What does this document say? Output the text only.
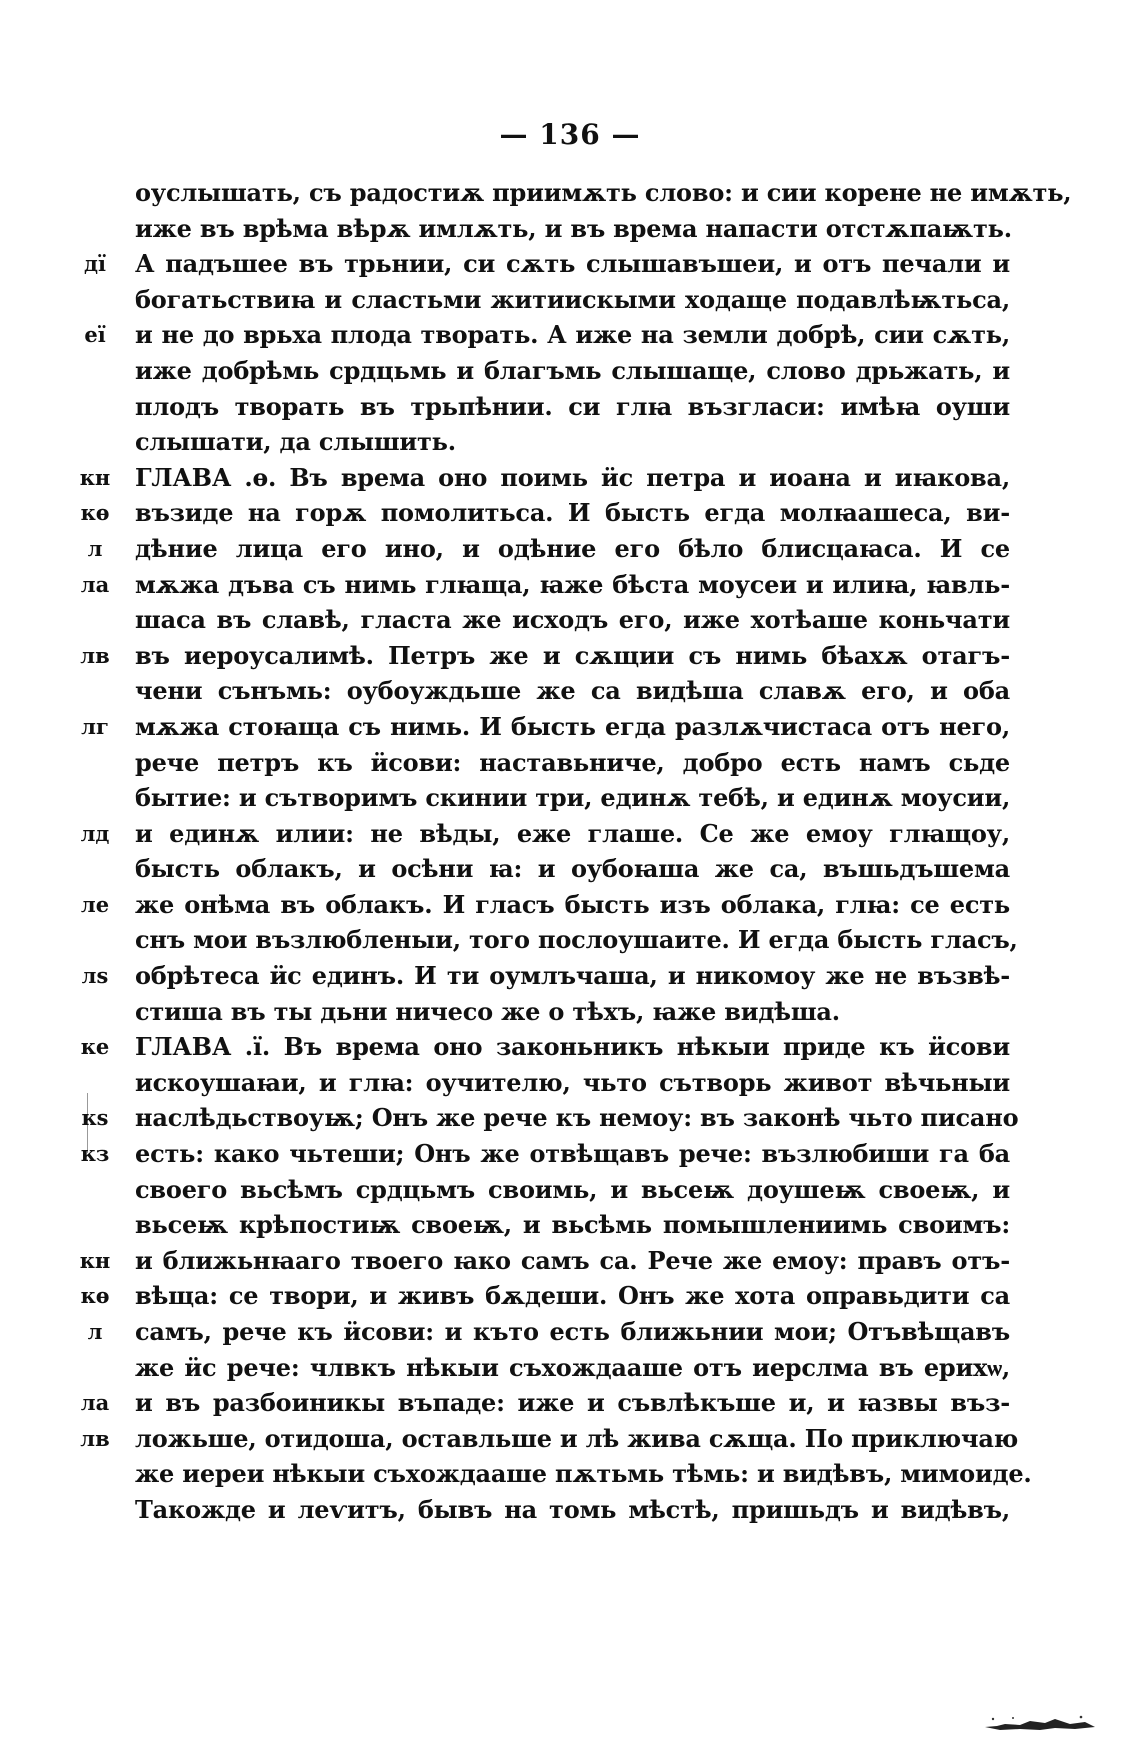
— 136 —
оуслышать, съ радостиѫ приимѫть слово: и сии корене не имѫть,
иже въ врѣма вѣрѫ имлѫть, и въ врема напасти отстѫпаѭть.
дї	А падъшее въ трьнии, си сѫть слышавъшеи, и отъ печали и
богатьствиꙗ и сластьми житиискыми ходаще подавлѣѭтьса,
еї	и не до врьха плода творать. А иже на земли добрѣ, сии сѫть,
иже добрѣмь срдцьмь и благъмь слышаще, слово дрьжать, и
плодъ творать въ трьпѣнии. си глꙗ възгласи: имѣꙗ оуши
слышати, да слышить.
кн	ГЛАВА .ѳ. Въ врема оно поимь ӥс петра и иоана и иꙗкова,
кѳ	възиде на горѫ помолитьса. И бысть егда молꙗашеса, ви-
л	дѣние лица его ино, и одѣние его бѣло блисцаꙗса. И се
ла	мѫжа дъва съ нимь глꙗща, ꙗже бѣста моусеи и илиꙗ, ꙗвль-
шаса въ славѣ, гласта же исходъ его, иже хотѣаше коньчати
лв	въ иероусалимѣ. Петръ же и сѫщии съ нимь бѣахѫ отагъ-
чени сънъмь: оубоуждьше же са видѣша славѫ его, и оба
лг	мѫжа стоꙗща съ нимь. И бысть егда разлѫчистаса отъ него,
рече петръ къ ӥсови: наставьниче, добро есть намъ сьде
бытие: и сътворимъ скинии три, единѫ тебѣ, и единѫ моусии,
лд	и единѫ илии: не вѣды, еже глаше. Се же емоу глꙗщоу,
бысть облакъ, и осѣни ꙗ: и оубоꙗша же са, въшьдъшема
ле	же онѣма въ облакъ. И гласъ бысть изъ облака, глꙗ: се есть
снъ мои възлюбленыи, того послоушаите. И егда бысть гласъ,
лѕ	обрѣтеса ӥс единъ. И ти оумлъчаша, и никомоу же не възвѣ-
стиша въ ты дьни ничесо же о тѣхъ, ꙗже видѣша.
ке	ГЛАВА .ї. Въ врема оно законьникъ нѣкыи приде къ ӥсови
искоушаꙗи, и глꙗ: оучителю, чьто сътворь живот вѣчьныи
кѕ	наслѣдьствоуѭ; Онъ же рече къ немоу: въ законѣ чьто писано
кз	есть: како чьтеши; Онъ же отвѣщавъ рече: възлюбиши га ба
своего вьсѣмъ срдцьмъ своимь, и вьсеѭ доушеѭ своеѭ, и
вьсеѭ крѣпостиѭ своеѭ, и вьсѣмь помышлениимь своимъ:
кн	и ближьнꙗаго твоего ꙗко самъ са. Рече же емоу: правъ отъ-
кѳ	вѣща: се твори, и живъ бѫдеши. Онъ же хота оправьдити са
л	самъ, рече къ ӥсови: и къто есть ближьнии мои; Отъвѣщавъ
же ӥс рече: члвкъ нѣкыи съхождааше отъ иерслма въ ерихѡ,
ла	и въ разбоиникы въпаде: иже и съвлѣкъше и, и ꙗзвы въз-
лв	ложьше, отидоша, оставльше и лѣ жива сѫща. По приключаю
же иереи нѣкыи съхождааше пѫтьмь тѣмь: и видѣвъ, мимоиде.
Такожде и леѵитъ, бывъ на томь мѣстѣ, пришьдъ и видѣвъ,
